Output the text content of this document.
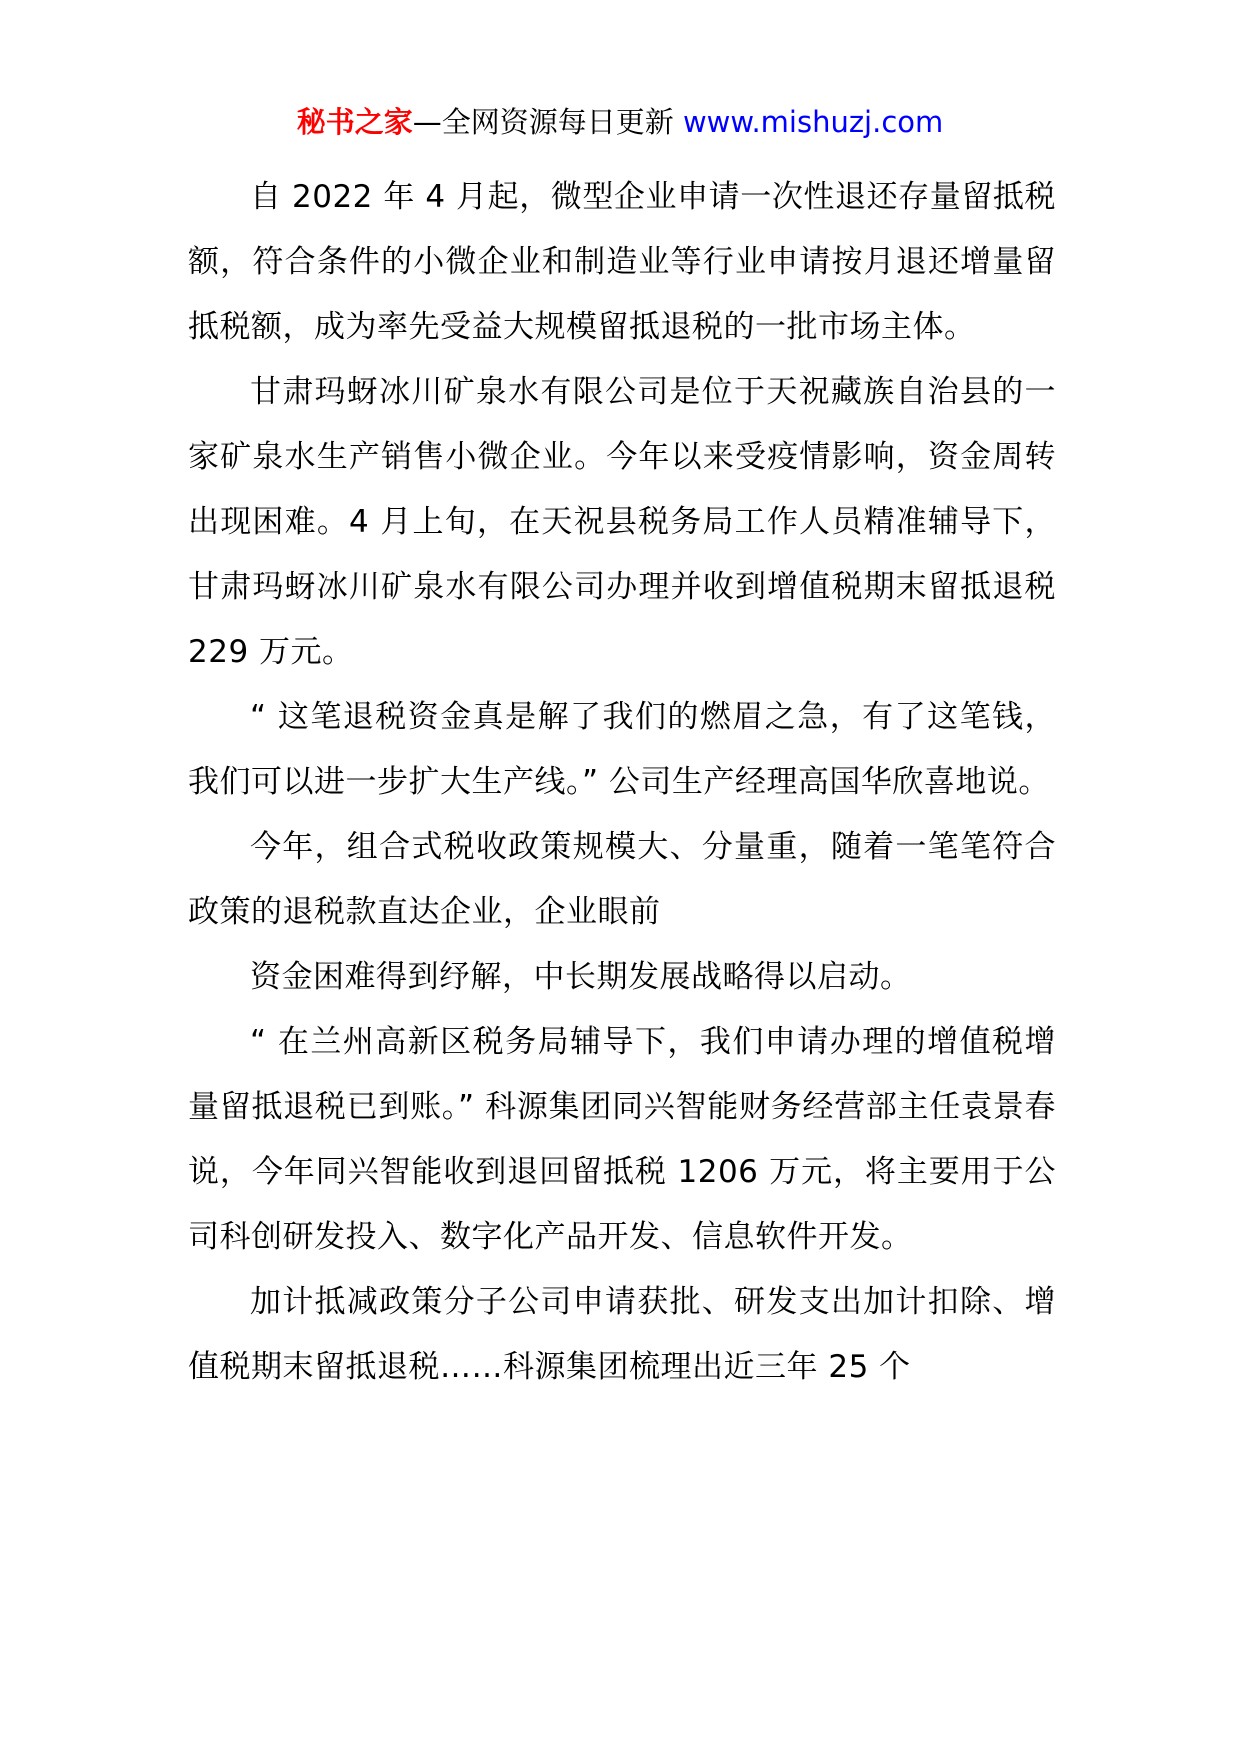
秘书之家—全网资源每日更新 www.mishuzj.com

自 2022 年 4 月起，微型企业申请一次性退还存量留抵税额，符合条件的小微企业和制造业等行业申请按月退还增量留抵税额，成为率先受益大规模留抵退税的一批市场主体。

甘肃玛蚜冰川矿泉水有限公司是位于天祝藏族自治县的一家矿泉水生产销售小微企业。今年以来受疫情影响，资金周转出现困难。4 月上旬，在天祝县税务局工作人员精准辅导下，甘肃玛蚜冰川矿泉水有限公司办理并收到增值税期末留抵退税 229 万元。

“ 这笔退税资金真是解了我们的燃眉之急，有了这笔钱，我们可以进一步扩大生产线。” 公司生产经理高国华欣喜地说。

今年，组合式税收政策规模大、分量重，随着一笔笔符合政策的退税款直达企业，企业眼前

资金困难得到纾解，中长期发展战略得以启动。

“ 在兰州高新区税务局辅导下，我们申请办理的增值税增量留抵退税已到账。” 科源集团同兴智能财务经营部主任袁景春说，今年同兴智能收到退回留抵税 1206 万元，将主要用于公司科创研发投入、数字化产品开发、信息软件开发。

加计抵减政策分子公司申请获批、研发支出加计扣除、增值税期末留抵退税……科源集团梳理出近三年 25 个
